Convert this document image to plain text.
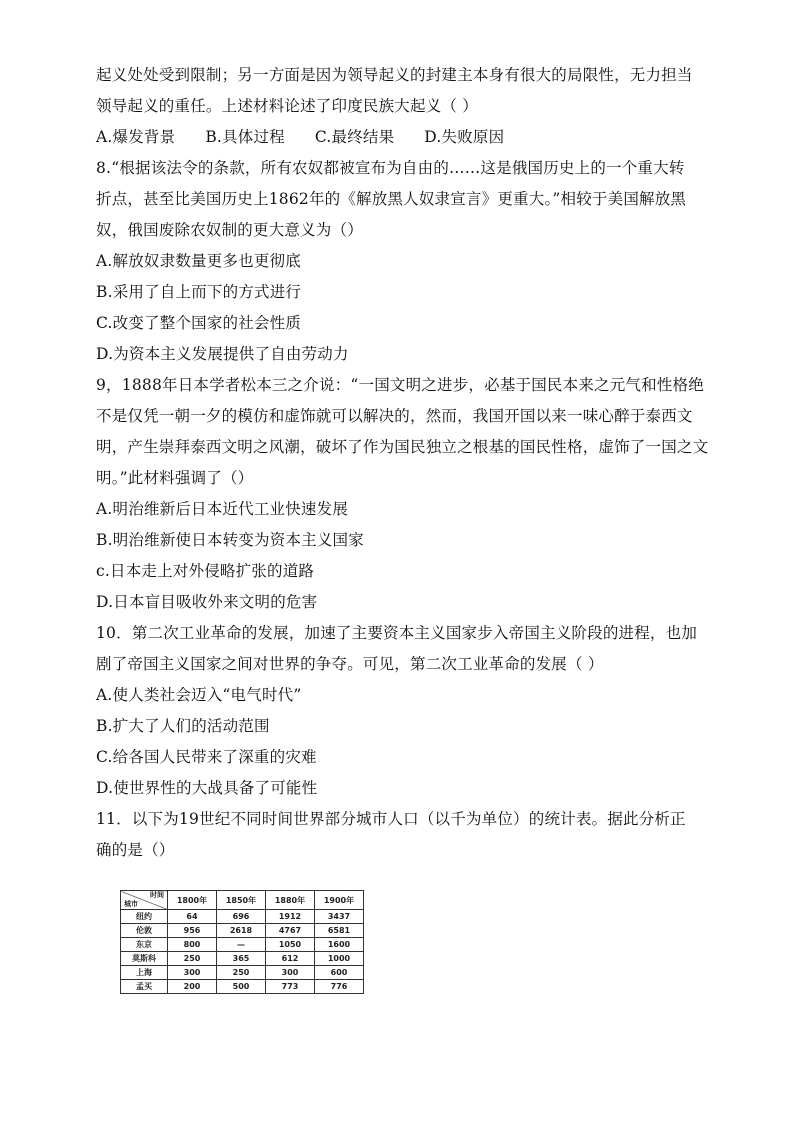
起义处处受到限制；另一方面是因为领导起义的封建主本身有很大的局限性，无力担当
领导起义的重任。上述材料论述了印度民族大起义（ ）
A.爆发背景 B.具体过程 C.最终结果 D.失败原因
8.“根据该法令的条款，所有农奴都被宣布为自由的……这是俄国历史上的一个重大转
折点，甚至比美国历史上1862年的《解放黑人奴隶宣言》更重大。”相较于美国解放黑
奴，俄国废除农奴制的更大意义为（）
A.解放奴隶数量更多也更彻底
B.采用了自上而下的方式进行
C.改变了整个国家的社会性质
D.为资本主义发展提供了自由劳动力
9，1888年日本学者松本三之介说：“一国文明之进步，必基于国民本来之元气和性格绝
不是仅凭一朝一夕的模仿和虚饰就可以解决的，然而，我国开国以来一味心醉于泰西文
明，产生崇拜泰西文明之风潮，破坏了作为国民独立之根基的国民性格，虚饰了一国之文
明。”此材料强调了（）
A.明治维新后日本近代工业快速发展
B.明治维新使日本转变为资本主义国家
c.日本走上对外侵略扩张的道路
D.日本盲目吸收外来文明的危害
10．第二次工业革命的发展，加速了主要资本主义国家步入帝国主义阶段的进程，也加
剧了帝国主义国家之间对世界的争夺。可见，第二次工业革命的发展（ ）
A.使人类社会迈入“电气时代”
B.扩大了人们的活动范围
C.给各国人民带来了深重的灾难
D.使世界性的大战具备了可能性
11．以下为19世纪不同时间世界部分城市人口（以千为单位）的统计表。据此分析正
确的是（）
时间
城市	1800年	1850年	1880年	1900年
纽约	64	696	1912	3437
伦敦	956	2618	4767	6581
东京	800	—	1050	1600
莫斯科	250	365	612	1000
上海	300	250	300	600
孟买	200	500	773	776
